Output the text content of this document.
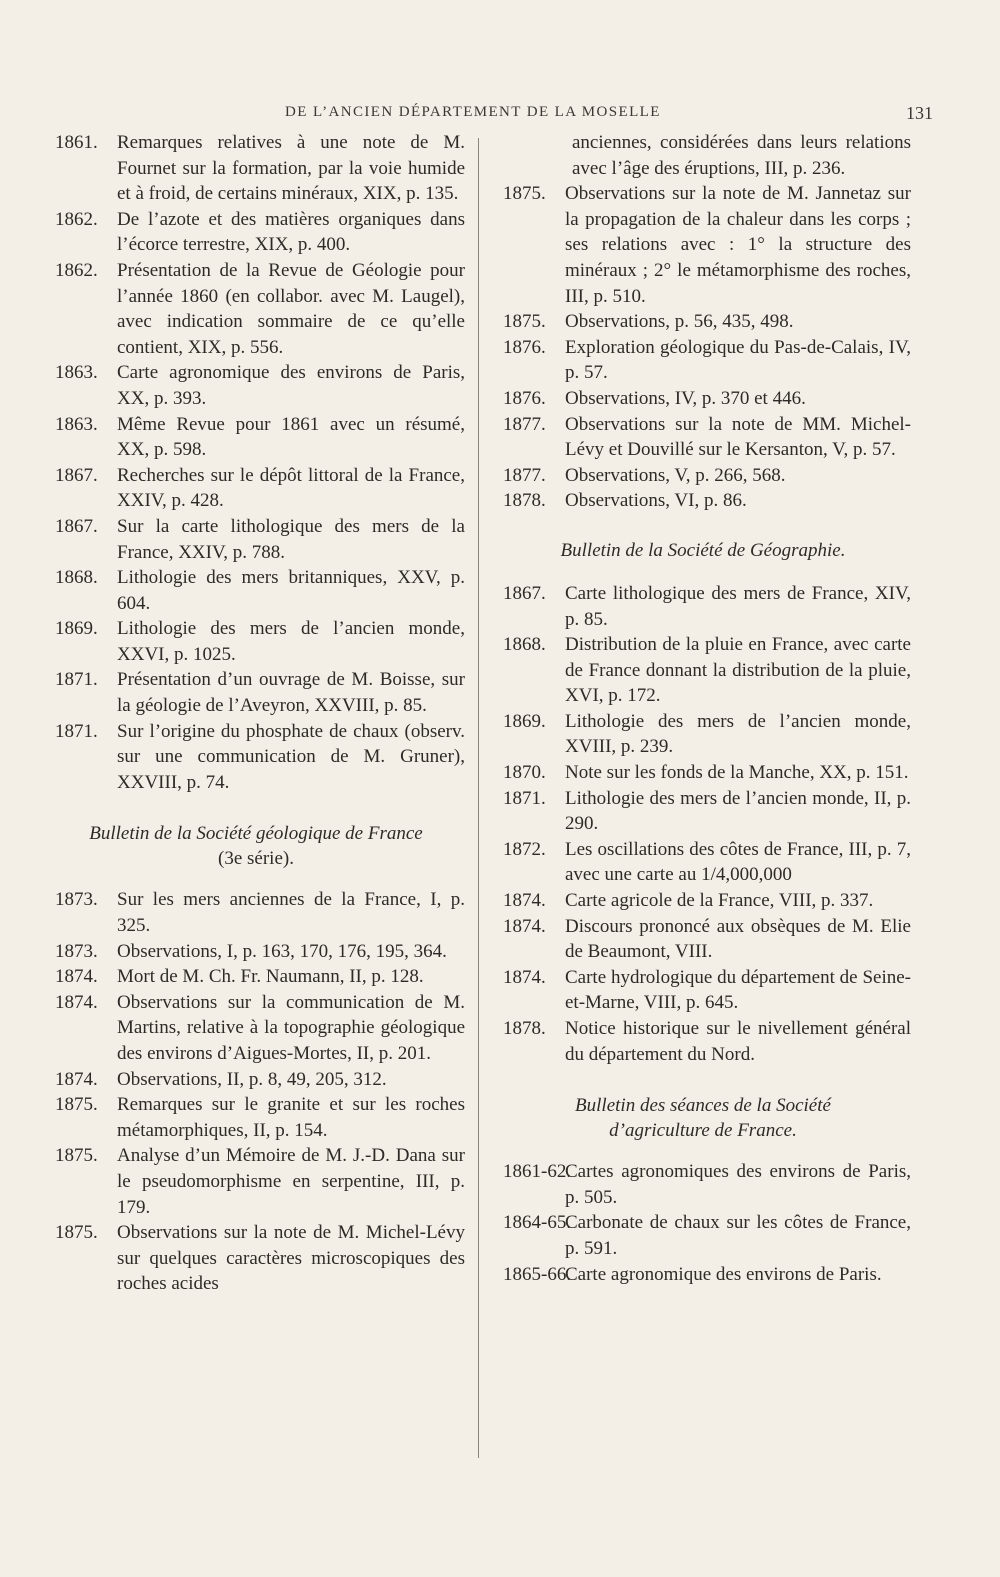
DE L’ANCIEN DÉPARTEMENT DE LA MOSELLE	131
1861. Remarques relatives à une note de M. Fournet sur la formation, par la voie humide et à froid, de certains minéraux, XIX, p. 135.
1862. De l’azote et des matières organiques dans l’écorce terrestre, XIX, p. 400.
1862. Présentation de la Revue de Géologie pour l’année 1860 (en collabor. avec M. Laugel), avec indication sommaire de ce qu’elle contient, XIX, p. 556.
1863. Carte agronomique des environs de Paris, XX, p. 393.
1863. Même Revue pour 1861 avec un résumé, XX, p. 598.
1867. Recherches sur le dépôt littoral de la France, XXIV, p. 428.
1867. Sur la carte lithologique des mers de la France, XXIV, p. 788.
1868. Lithologie des mers britanniques, XXV, p. 604.
1869. Lithologie des mers de l’ancien monde, XXVI, p. 1025.
1871. Présentation d’un ouvrage de M. Boisse, sur la géologie de l’Aveyron, XXVIII, p. 85.
1871. Sur l’origine du phosphate de chaux (observ. sur une communication de M. Gruner), XXVIII, p. 74.
Bulletin de la Société géologique de France
(3e série).
1873. Sur les mers anciennes de la France, I, p. 325.
1873. Observations, I, p. 163, 170, 176, 195, 364.
1874. Mort de M. Ch. Fr. Naumann, II, p. 128.
1874. Observations sur la communication de M. Martins, relative à la topographie géologique des environs d’Aigues-Mortes, II, p. 201.
1874. Observations, II, p. 8, 49, 205, 312.
1875. Remarques sur le granite et sur les roches métamorphiques, II, p. 154.
1875. Analyse d’un Mémoire de M. J.-D. Dana sur le pseudomorphisme en serpentine, III, p. 179.
1875. Observations sur la note de M. Michel-Lévy sur quelques caractères microscopiques des roches acides
anciennes, considérées dans leurs relations avec l’âge des éruptions, III, p. 236.
1875. Observations sur la note de M. Jannetaz sur la propagation de la chaleur dans les corps ; ses relations avec : 1° la structure des minéraux ; 2° le métamorphisme des roches, III, p. 510.
1875. Observations, p. 56, 435, 498.
1876. Exploration géologique du Pas-de-Calais, IV, p. 57.
1876. Observations, IV, p. 370 et 446.
1877. Observations sur la note de MM. Michel-Lévy et Douvillé sur le Kersanton, V, p. 57.
1877. Observations, V, p. 266, 568.
1878. Observations, VI, p. 86.
Bulletin de la Société de Géographie.
1867. Carte lithologique des mers de France, XIV, p. 85.
1868. Distribution de la pluie en France, avec carte de France donnant la distribution de la pluie, XVI, p. 172.
1869. Lithologie des mers de l’ancien monde, XVIII, p. 239.
1870. Note sur les fonds de la Manche, XX, p. 151.
1871. Lithologie des mers de l’ancien monde, II, p. 290.
1872. Les oscillations des côtes de France, III, p. 7, avec une carte au 1/4,000,000
1874. Carte agricole de la France, VIII, p. 337.
1874. Discours prononcé aux obsèques de M. Elie de Beaumont, VIII.
1874. Carte hydrologique du département de Seine-et-Marne, VIII, p. 645.
1878. Notice historique sur le nivellement général du département du Nord.
Bulletin des séances de la Société
d’agriculture de France.
1861-62.
Cartes agronomiques des environs de Paris, p. 505.
1864-65.
Carbonate de chaux sur les côtes de France, p. 591.
1865-66.
Carte agronomique des environs de Paris.
